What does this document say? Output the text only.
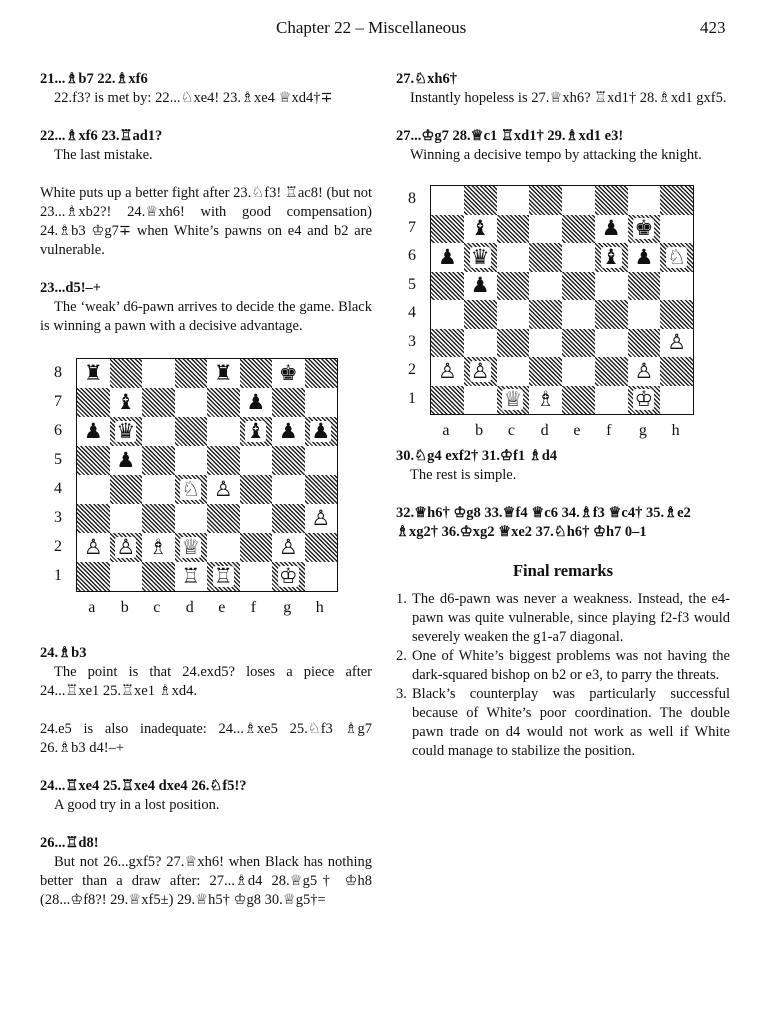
Chapter 22 – Miscellaneous	423

21...♗b7 22.♗xf6

22.f3? is met by: 22...♘xe4! 23.♗xe4 ♕xd4†∓

22...♗xf6 23.♖ad1?

The last mistake.

White puts up a better fight after 23.♘f3! ♖ac8! (but not 23...♗xb2?! 24.♕xh6! with good compensation) 24.♗b3 ♔g7∓ when White’s pawns on e4 and b2 are vulnerable.

23...d5!–+

The ‘weak’ d6-pawn arrives to decide the game. Black is winning a pawn with a decisive advantage.

8
7
6
5
4
3
2
1
♜	♜ ♚
♝	♟
♟ ♛	♝ ♟ ♟
♟
♘ ♙
♙
♙ ♙ ♗ ♕	♙
♖ ♖ ♔
a b c d e f g h

24.♗b3

The point is that 24.exd5? loses a piece after 24...♖xe1 25.♖xe1 ♗xd4.

24.e5 is also inadequate: 24...♗xe5 25.♘f3 ♗g7 26.♗b3 d4!–+

24...♖xe4 25.♖xe4 dxe4 26.♘f5!?

A good try in a lost position.

26...♖d8!

But not 26...gxf5? 27.♕xh6! when Black has nothing better than a draw after: 27...♗d4 28.♕g5† ♔h8 (28...♔f8?! 29.♕xf5±) 29.♕h5† ♔g8 30.♕g5†=

27.♘xh6†

Instantly hopeless is 27.♕xh6? ♖xd1† 28.♗xd1 gxf5.

27...♔g7 28.♕c1 ♖xd1† 29.♗xd1 e3!

Winning a decisive tempo by attacking the knight.

8
7
6
5
4
3
2
1
♝	♟ ♚
♟ ♛	♝ ♟ ♘
♟
♙
♙ ♙	♙
♕ ♗	♔
a b c d e f g h

30.♘g4 exf2† 31.♔f1 ♗d4

The rest is simple.

32.♕h6† ♔g8 33.♕f4 ♕c6 34.♗f3 ♕c4† 35.♗e2 ♗xg2† 36.♔xg2 ♕xe2 37.♘h6† ♔h7 0–1

Final remarks

1. The d6-pawn was never a weakness. Instead, the e4-pawn was quite vulnerable, since playing f2-f3 would severely weaken the g1-a7 diagonal.
2. One of White’s biggest problems was not having the dark-squared bishop on b2 or e3, to parry the threats.
3. Black’s counterplay was particularly successful because of White’s poor coordination. The double pawn trade on d4 would not work as well if White could manage to stabilize the position.
